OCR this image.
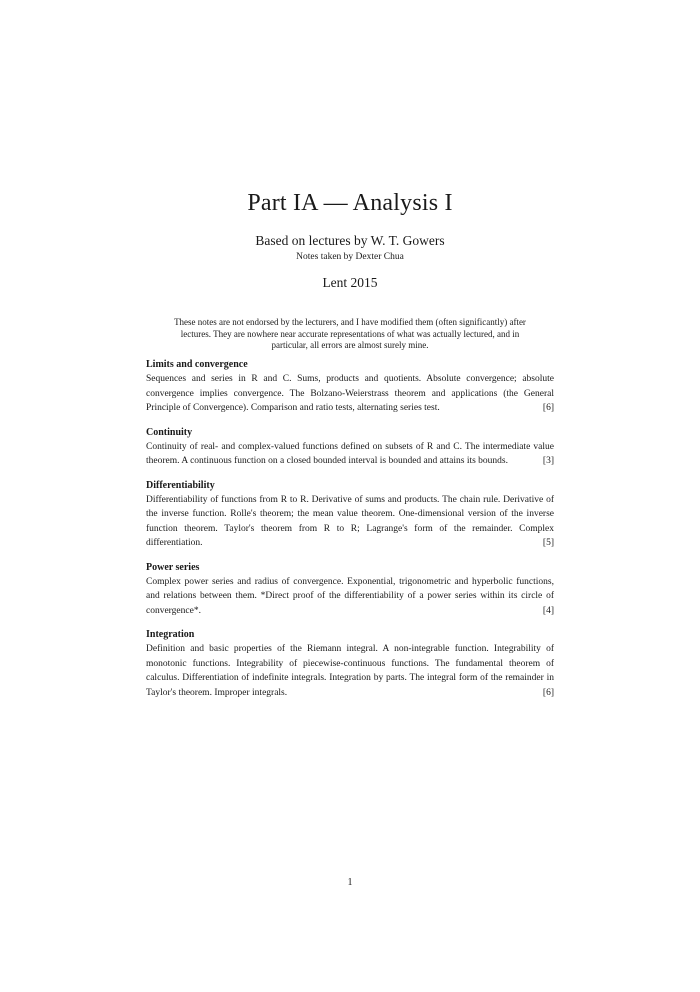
Part IA — Analysis I
Based on lectures by W. T. Gowers
Notes taken by Dexter Chua
Lent 2015
These notes are not endorsed by the lecturers, and I have modified them (often significantly) after lectures. They are nowhere near accurate representations of what was actually lectured, and in particular, all errors are almost surely mine.
Limits and convergence
Sequences and series in R and C. Sums, products and quotients. Absolute convergence; absolute convergence implies convergence. The Bolzano-Weierstrass theorem and applications (the General Principle of Convergence). Comparison and ratio tests, alternating series test.	[6]
Continuity
Continuity of real- and complex-valued functions defined on subsets of R and C. The intermediate value theorem. A continuous function on a closed bounded interval is bounded and attains its bounds.	[3]
Differentiability
Differentiability of functions from R to R. Derivative of sums and products. The chain rule. Derivative of the inverse function. Rolle's theorem; the mean value theorem. One-dimensional version of the inverse function theorem. Taylor's theorem from R to R; Lagrange's form of the remainder. Complex differentiation.	[5]
Power series
Complex power series and radius of convergence. Exponential, trigonometric and hyperbolic functions, and relations between them. *Direct proof of the differentiability of a power series within its circle of convergence*.	[4]
Integration
Definition and basic properties of the Riemann integral. A non-integrable function. Integrability of monotonic functions. Integrability of piecewise-continuous functions. The fundamental theorem of calculus. Differentiation of indefinite integrals. Integration by parts. The integral form of the remainder in Taylor's theorem. Improper integrals.	[6]
1
